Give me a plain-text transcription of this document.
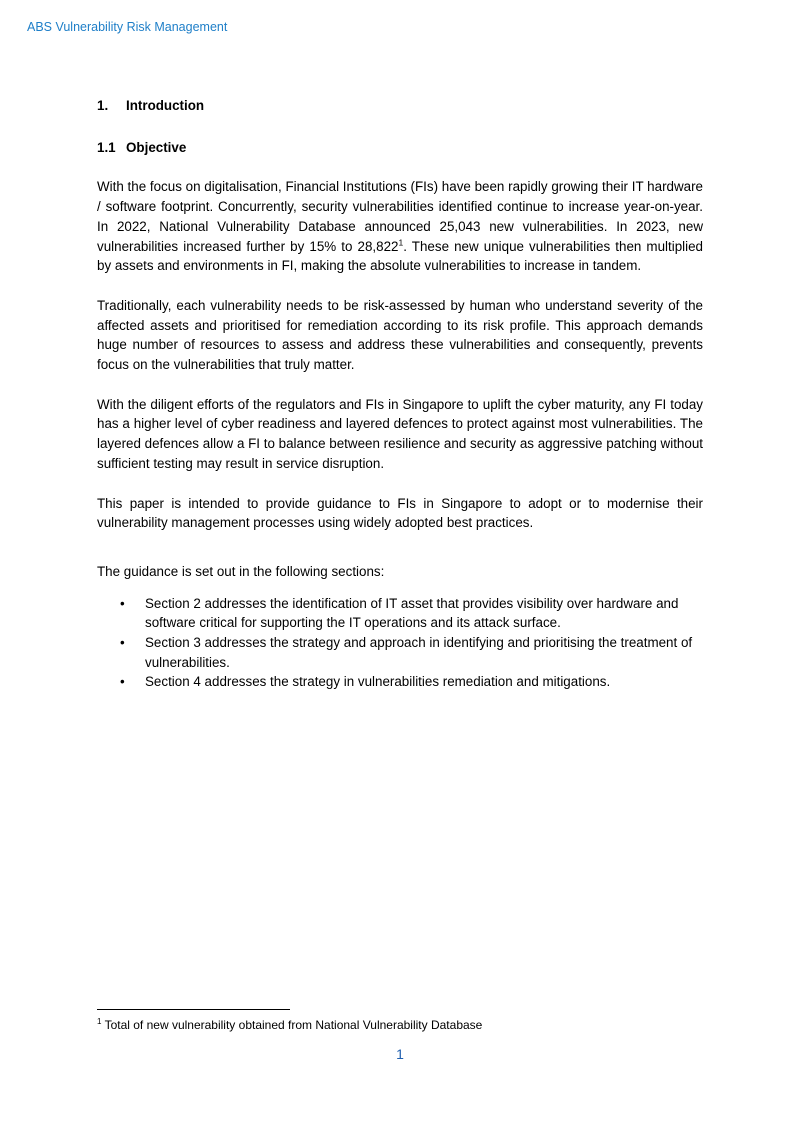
ABS Vulnerability Risk Management

1. Introduction

1.1 Objective

With the focus on digitalisation, Financial Institutions (FIs) have been rapidly growing their IT hardware / software footprint. Concurrently, security vulnerabilities identified continue to increase year-on-year. In 2022, National Vulnerability Database announced 25,043 new vulnerabilities. In 2023, new vulnerabilities increased further by 15% to 28,822$^1$. These new unique vulnerabilities then multiplied by assets and environments in FI, making the absolute vulnerabilities to increase in tandem.

Traditionally, each vulnerability needs to be risk-assessed by human who understand severity of the affected assets and prioritised for remediation according to its risk profile. This approach demands huge number of resources to assess and address these vulnerabilities and consequently, prevents focus on the vulnerabilities that truly matter.

With the diligent efforts of the regulators and FIs in Singapore to uplift the cyber maturity, any FI today has a higher level of cyber readiness and layered defences to protect against most vulnerabilities. The layered defences allow a FI to balance between resilience and security as aggressive patching without sufficient testing may result in service disruption.

This paper is intended to provide guidance to FIs in Singapore to adopt or to modernise their vulnerability management processes using widely adopted best practices.

The guidance is set out in the following sections:

• Section 2 addresses the identification of IT asset that provides visibility over hardware and software critical for supporting the IT operations and its attack surface.
• Section 3 addresses the strategy and approach in identifying and prioritising the treatment of vulnerabilities.
• Section 4 addresses the strategy in vulnerabilities remediation and mitigations.
$^1$ Total of new vulnerability obtained from National Vulnerability Database
1
